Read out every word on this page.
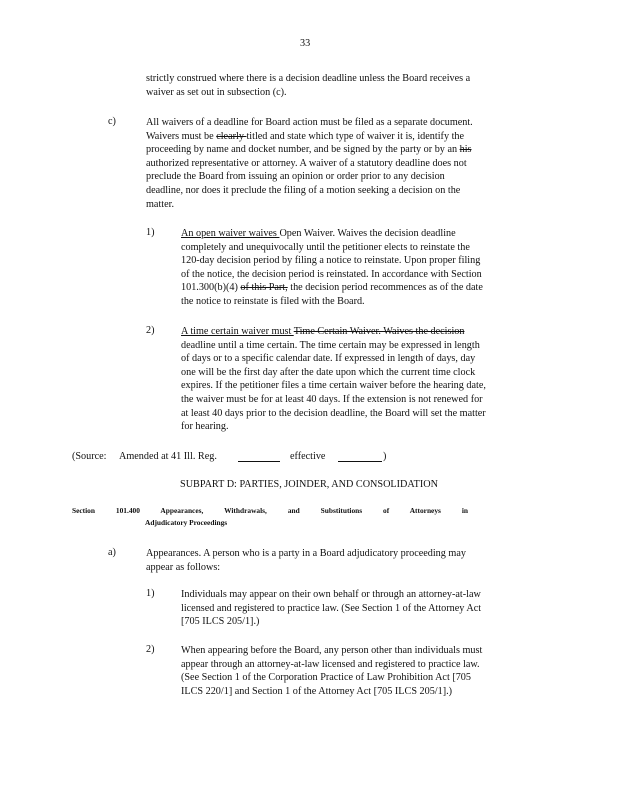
33
strictly construed where there is a decision deadline unless the Board receives a
waiver as set out in subsection (c).
c)	All waivers of a deadline for Board action must be filed as a separate document.
Waivers must be clearly titled and state which type of waiver it is, identify the
proceeding by name and docket number, and be signed by the party or by an his
authorized representative or attorney. A waiver of a statutory deadline does not
preclude the Board from issuing an opinion or order prior to any decision
deadline, nor does it preclude the filing of a motion seeking a decision on the
matter.
1)	An open waiver waives Open Waiver. Waives the decision deadline
completely and unequivocally until the petitioner elects to reinstate the
120-day decision period by filing a notice to reinstate. Upon proper filing
of the notice, the decision period is reinstated. In accordance with Section
101.300(b)(4) of this Part, the decision period recommences as of the date
the notice to reinstate is filed with the Board.
2)	A time certain waiver must Time Certain Waiver. Waives the decision
deadline until a time certain. The time certain may be expressed in length
of days or to a specific calendar date. If expressed in length of days, day
one will be the first day after the date upon which the current time clock
expires. If the petitioner files a time certain waiver before the hearing date,
the waiver must be for at least 40 days. If the extension is not renewed for
at least 40 days prior to the decision deadline, the Board will set the matter
for hearing.
(Source: Amended at 41 Ill. Reg.	effective	)
SUBPART D: PARTIES, JOINDER, AND CONSOLIDATION
Section 101.400 Appearances, Withdrawals, and Substitutions of Attorneys in
Adjudicatory Proceedings
a)	Appearances. A person who is a party in a Board adjudicatory proceeding may
appear as follows:
1)	Individuals may appear on their own behalf or through an attorney-at-law
licensed and registered to practice law. (See Section 1 of the Attorney Act
[705 ILCS 205/1].)
2)	When appearing before the Board, any person other than individuals must
appear through an attorney-at-law licensed and registered to practice law.
(See Section 1 of the Corporation Practice of Law Prohibition Act [705
ILCS 220/1] and Section 1 of the Attorney Act [705 ILCS 205/1].)
